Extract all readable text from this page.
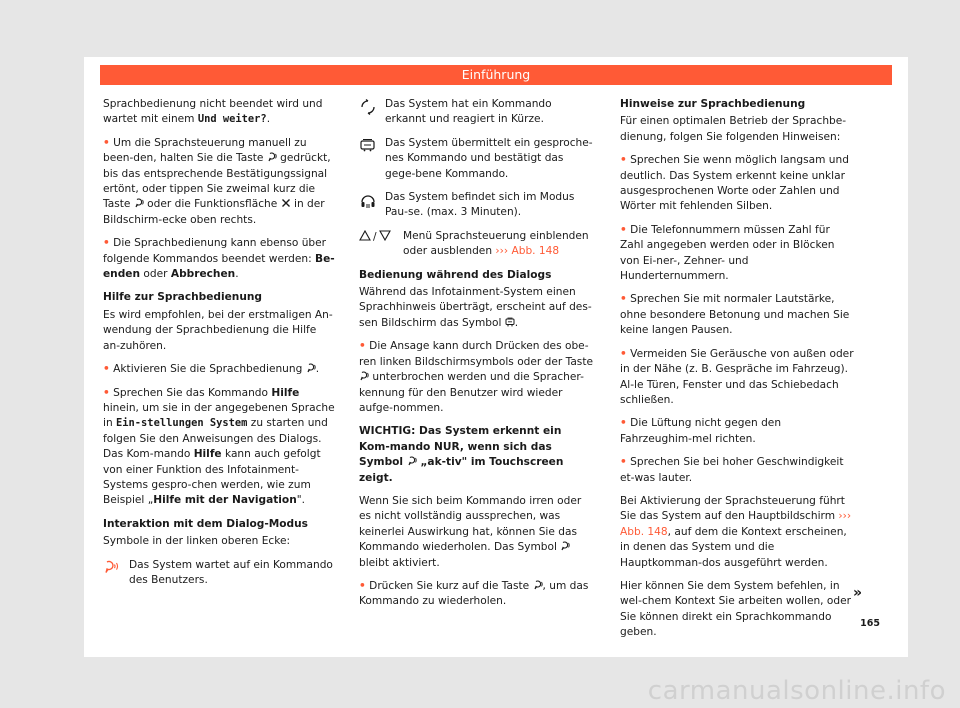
Einführung

Sprachbedienung nicht beendet wird und wartet mit einem Und weiter?.

• Um die Sprachsteuerung manuell zu been-den, halten Sie die Taste
gedrückt, bis das entsprechende Bestätigungssignal ertönt, oder tippen Sie zweimal kurz die Taste
oder die Funktionsfläche
in der Bildschirm-ecke oben rechts.

• Die Sprachbedienung kann ebenso über folgende Kommandos beendet werden: Be-enden oder Abbrechen.

Hilfe zur Sprachbedienung

Es wird empfohlen, bei der erstmaligen An-wendung der Sprachbedienung die Hilfe an-zuhören.

• Aktivieren Sie die Sprachbedienung
.

• Sprechen Sie das Kommando Hilfe hinein, um sie in der angegebenen Sprache in Ein-stellungen System zu starten und folgen Sie den Anweisungen des Dialogs. Das Kom-mando Hilfe kann auch gefolgt von einer Funktion des Infotainment-Systems gespro-chen werden, wie zum Beispiel „Hilfe mit der Navigation".

Interaktion mit dem Dialog-Modus

Symbole in der linken oberen Ecke:

Das System wartet auf ein Kommando des Benutzers.
Das System hat ein Kommando erkannt und reagiert in Kürze.
Das System übermittelt ein gesproche-nes Kommando und bestätigt das gege-bene Kommando.
Das System befindet sich im Modus Pau-se. (max. 3 Minuten).
/ Menü Sprachsteuerung einblenden oder ausblenden ››› Abb. 148

Bedienung während des Dialogs

Während das Infotainment-System einen Sprachhinweis überträgt, erscheint auf des-sen Bildschirm das Symbol
.

• Die Ansage kann durch Drücken des obe-ren linken Bildschirmsymbols oder der Taste
unterbrochen werden und die Spracher-kennung für den Benutzer wird wieder aufge-nommen.

WICHTIG: Das System erkennt ein Kom-mando NUR, wenn sich das Symbol
„ak-tiv" im Touchscreen zeigt.

Wenn Sie sich beim Kommando irren oder es nicht vollständig aussprechen, was keinerlei Auswirkung hat, können Sie das Kommando wiederholen. Das Symbol
bleibt aktiviert.

• Drücken Sie kurz auf die Taste
, um das Kommando zu wiederholen.

Hinweise zur Sprachbedienung

Für einen optimalen Betrieb der Sprachbe-dienung, folgen Sie folgenden Hinweisen:

• Sprechen Sie wenn möglich langsam und deutlich. Das System erkennt keine unklar ausgesprochenen Worte oder Zahlen und Wörter mit fehlenden Silben.

• Die Telefonnummern müssen Zahl für Zahl angegeben werden oder in Blöcken von Ei-ner-, Zehner- und Hunderternummern.

• Sprechen Sie mit normaler Lautstärke, ohne besondere Betonung und machen Sie keine langen Pausen.

• Vermeiden Sie Geräusche von außen oder in der Nähe (z. B. Gespräche im Fahrzeug). Al-le Türen, Fenster und das Schiebedach schließen.

• Die Lüftung nicht gegen den Fahrzeughim-mel richten.

• Sprechen Sie bei hoher Geschwindigkeit et-was lauter.

Bei Aktivierung der Sprachsteuerung führt Sie das System auf den Hauptbildschirm ››› Abb. 148, auf dem die Kontext erscheinen, in denen das System und die Hauptkomman-dos ausgeführt werden.

Hier können Sie dem System befehlen, in wel-chem Kontext Sie arbeiten wollen, oder Sie können direkt ein Sprachkommando geben.

»
165
carmanualsonline.info
